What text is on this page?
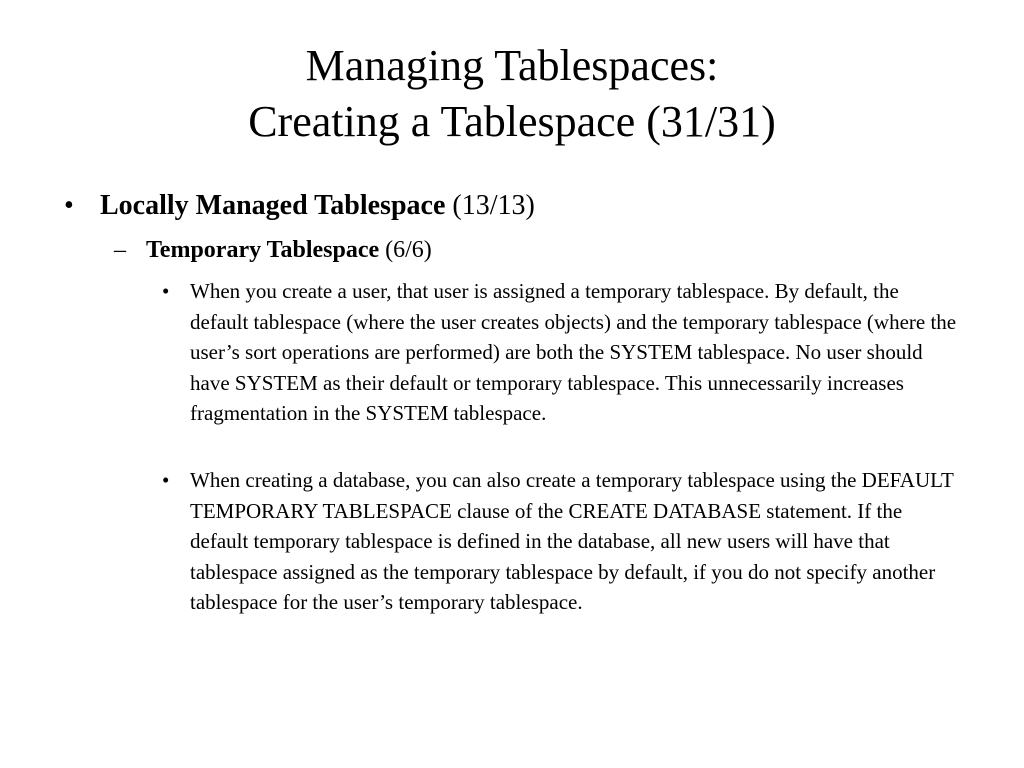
Managing Tablespaces:
Creating a Tablespace (31/31)
• Locally Managed Tablespace (13/13)
– Temporary Tablespace (6/6)
• When you create a user, that user is assigned a temporary tablespace. By default, the default tablespace (where the user creates objects) and the temporary tablespace (where the user’s sort operations are performed) are both the SYSTEM tablespace. No user should have SYSTEM as their default or temporary tablespace. This unnecessarily increases fragmentation in the SYSTEM tablespace.
• When creating a database, you can also create a temporary tablespace using the DEFAULT TEMPORARY TABLESPACE clause of the CREATE DATABASE statement. If the default temporary tablespace is defined in the database, all new users will have that tablespace assigned as the temporary tablespace by default, if you do not specify another tablespace for the user’s temporary tablespace.
